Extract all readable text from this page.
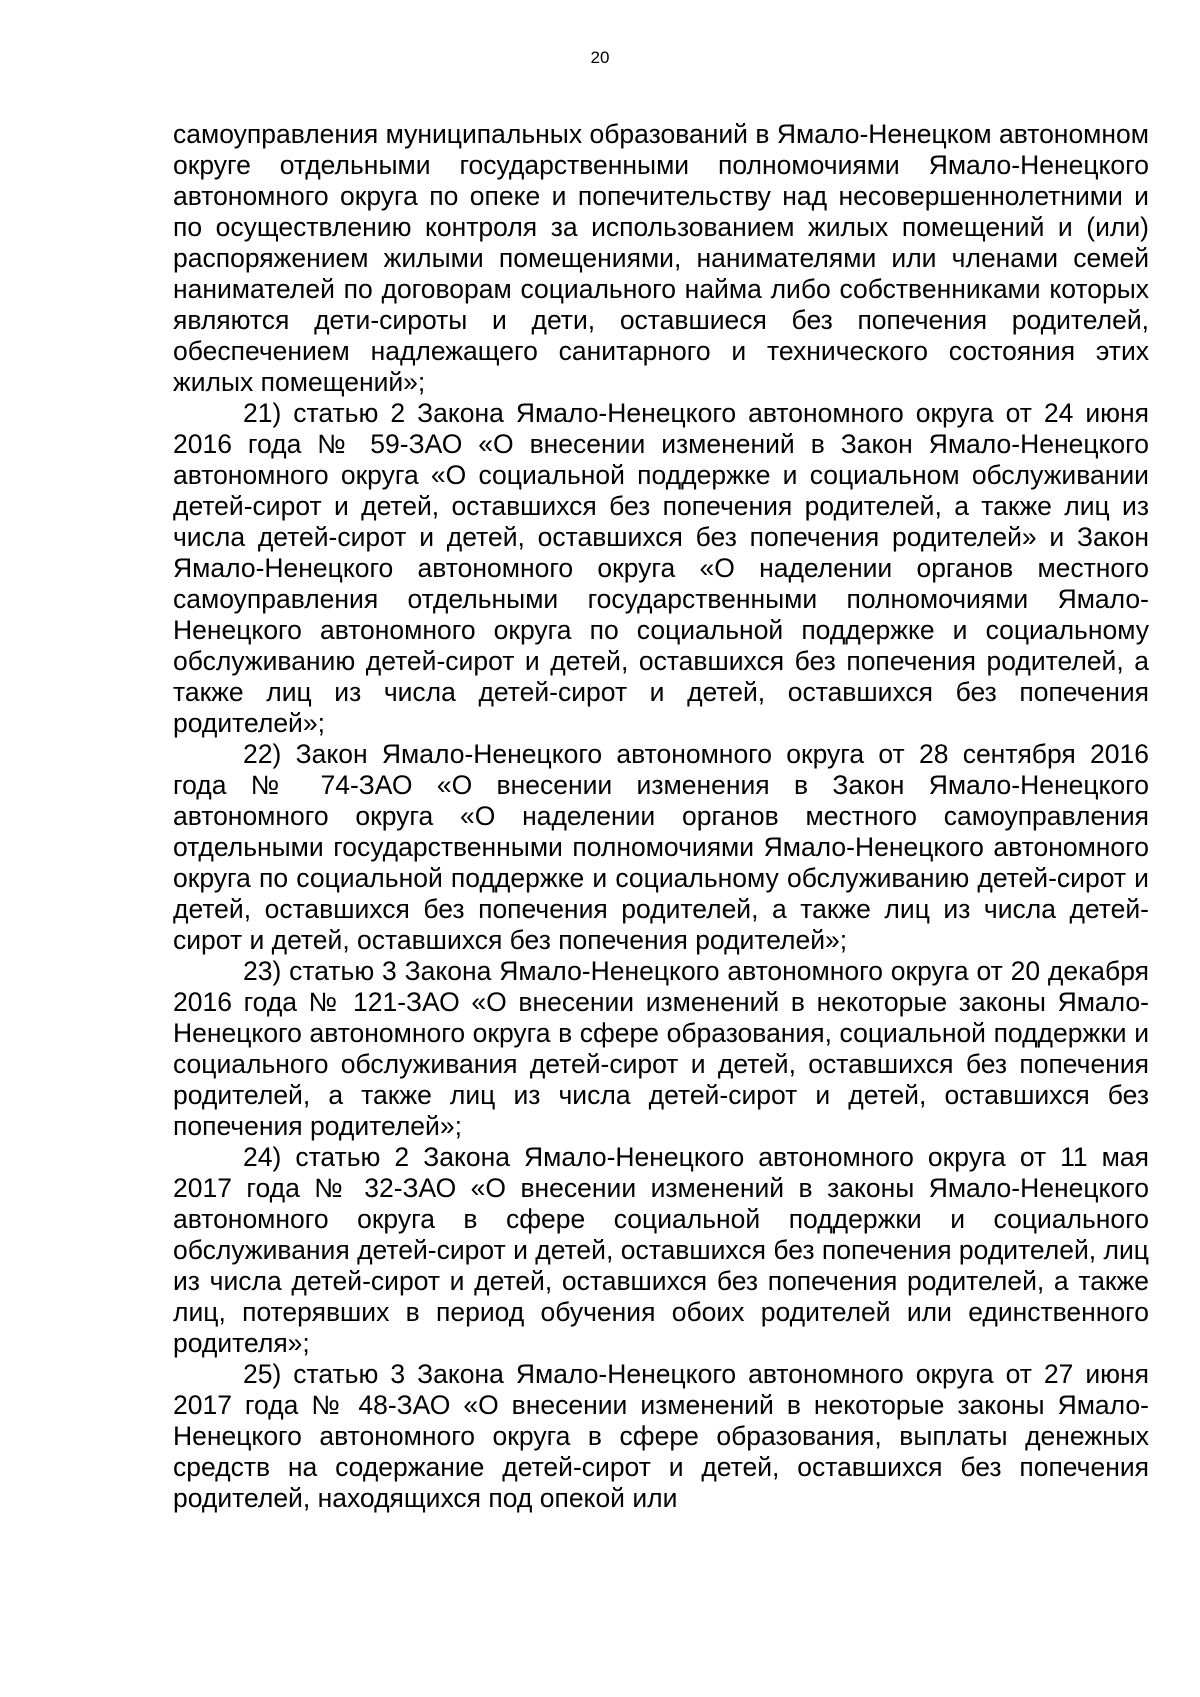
20

самоуправления муниципальных образований в Ямало-Ненецком автономном округе отдельными государственными полномочиями Ямало-Ненецкого автономного округа по опеке и попечительству над несовершеннолетними и по осуществлению контроля за использованием жилых помещений и (или) распоряжением жилыми помещениями, нанимателями или членами семей нанимателей по договорам социального найма либо собственниками которых являются дети-сироты и дети, оставшиеся без попечения родителей, обеспечением надлежащего санитарного и технического состояния этих жилых помещений»;

21) статью 2 Закона Ямало-Ненецкого автономного округа от 24 июня 2016 года № 59-ЗАО «О внесении изменений в Закон Ямало-Ненецкого автономного округа «О социальной поддержке и социальном обслуживании детей-сирот и детей, оставшихся без попечения родителей, а также лиц из числа детей-сирот и детей, оставшихся без попечения родителей» и Закон Ямало-Ненецкого автономного округа «О наделении органов местного самоуправления отдельными государственными полномочиями Ямало-Ненецкого автономного округа по социальной поддержке и социальному обслуживанию детей-сирот и детей, оставшихся без попечения родителей, а также лиц из числа детей-сирот и детей, оставшихся без попечения родителей»;

22) Закон Ямало-Ненецкого автономного округа от 28 сентября 2016 года № 74-ЗАО «О внесении изменения в Закон Ямало-Ненецкого автономного округа «О наделении органов местного самоуправления отдельными государственными полномочиями Ямало-Ненецкого автономного округа по социальной поддержке и социальному обслуживанию детей-сирот и детей, оставшихся без попечения родителей, а также лиц из числа детей-сирот и детей, оставшихся без попечения родителей»;

23) статью 3 Закона Ямало-Ненецкого автономного округа от 20 декабря 2016 года № 121-ЗАО «О внесении изменений в некоторые законы Ямало-Ненецкого автономного округа в сфере образования, социальной поддержки и социального обслуживания детей-сирот и детей, оставшихся без попечения родителей, а также лиц из числа детей-сирот и детей, оставшихся без попечения родителей»;

24) статью 2 Закона Ямало-Ненецкого автономного округа от 11 мая 2017 года № 32-ЗАО «О внесении изменений в законы Ямало-Ненецкого автономного округа в сфере социальной поддержки и социального обслуживания детей-сирот и детей, оставшихся без попечения родителей, лиц из числа детей-сирот и детей, оставшихся без попечения родителей, а также лиц, потерявших в период обучения обоих родителей или единственного родителя»;

25) статью 3 Закона Ямало-Ненецкого автономного округа от 27 июня 2017 года № 48-ЗАО «О внесении изменений в некоторые законы Ямало-Ненецкого автономного округа в сфере образования, выплаты денежных средств на содержание детей-сирот и детей, оставшихся без попечения родителей, находящихся под опекой или
